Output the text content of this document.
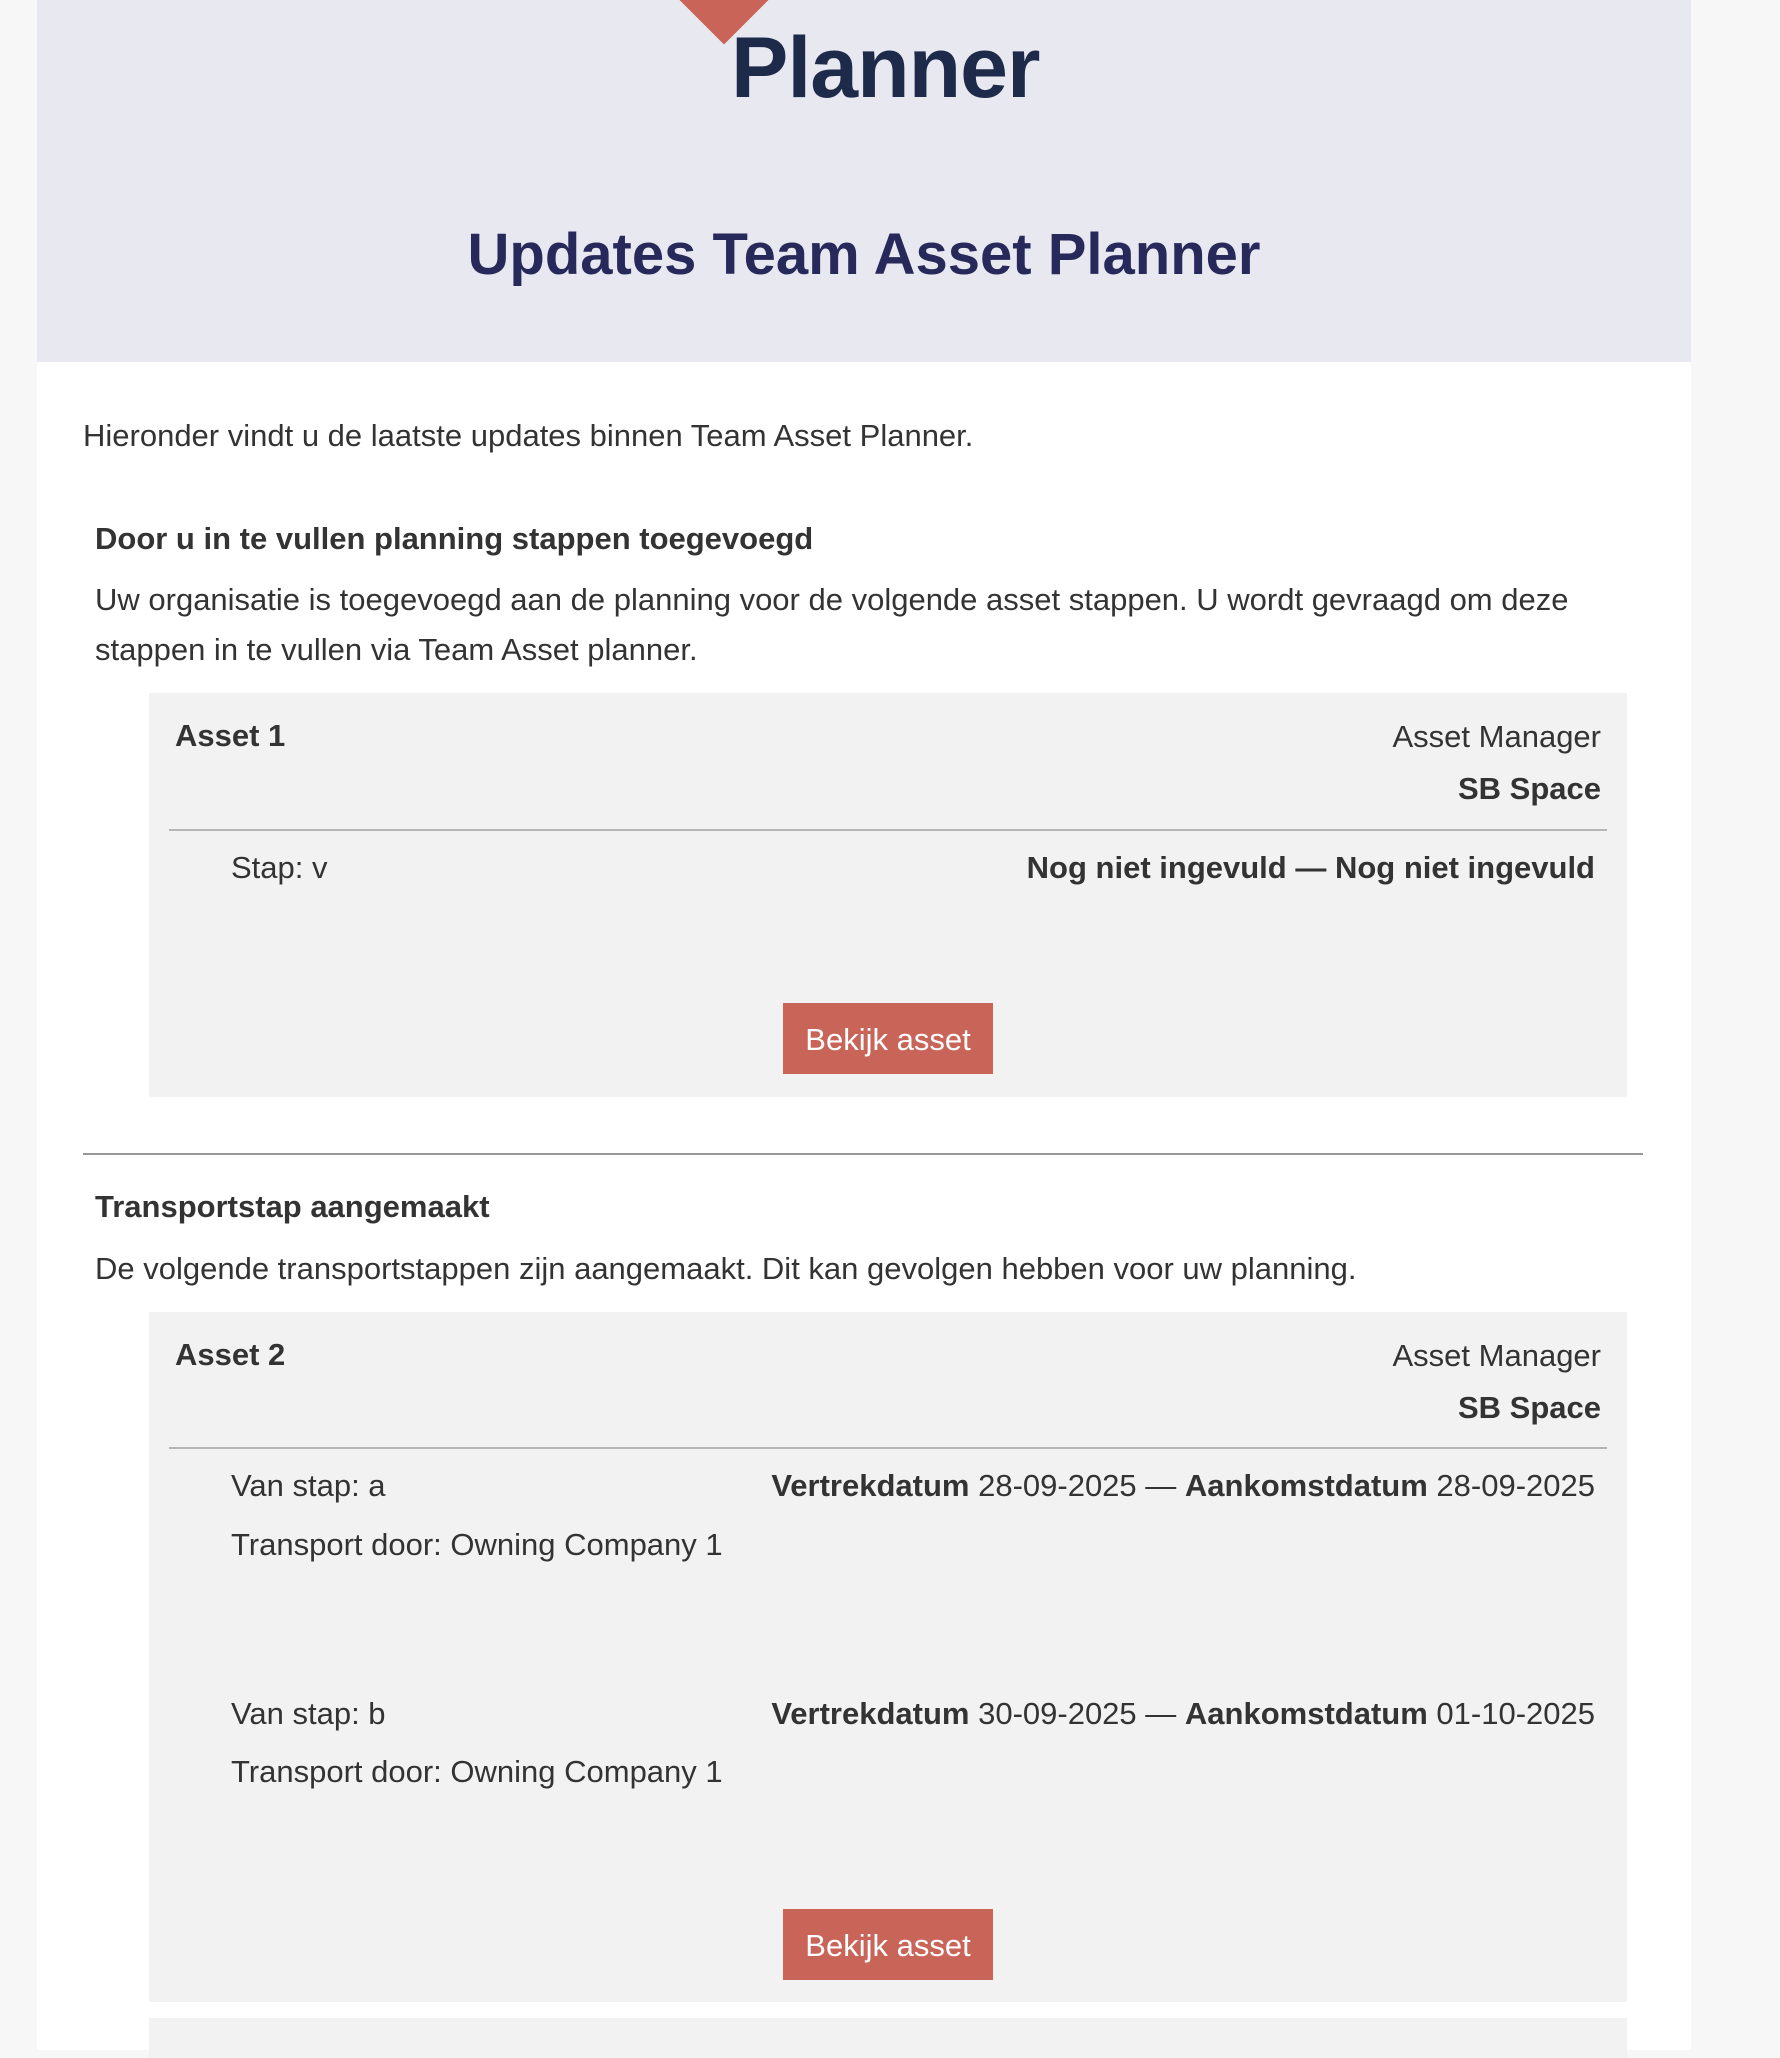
Planner
Updates Team Asset Planner

Hieronder vindt u de laatste updates binnen Team Asset Planner.

Door u in te vullen planning stappen toegevoegd

Uw organisatie is toegevoegd aan de planning voor de volgende asset stappen. U wordt gevraagd om deze stappen in te vullen via Team Asset planner.

Asset 1	Asset Manager
SB Space
Stap: v	Nog niet ingevuld — Nog niet ingevuld
Bekijk asset
Transportstap aangemaakt

De volgende transportstappen zijn aangemaakt. Dit kan gevolgen hebben voor uw planning.

Asset 2	Asset Manager
SB Space
Van stap: a	Vertrekdatum 28-09-2025 — Aankomstdatum 28-09-2025
Transport door: Owning Company 1
Van stap: b	Vertrekdatum 30-09-2025 — Aankomstdatum 01-10-2025
Transport door: Owning Company 1
Bekijk asset
